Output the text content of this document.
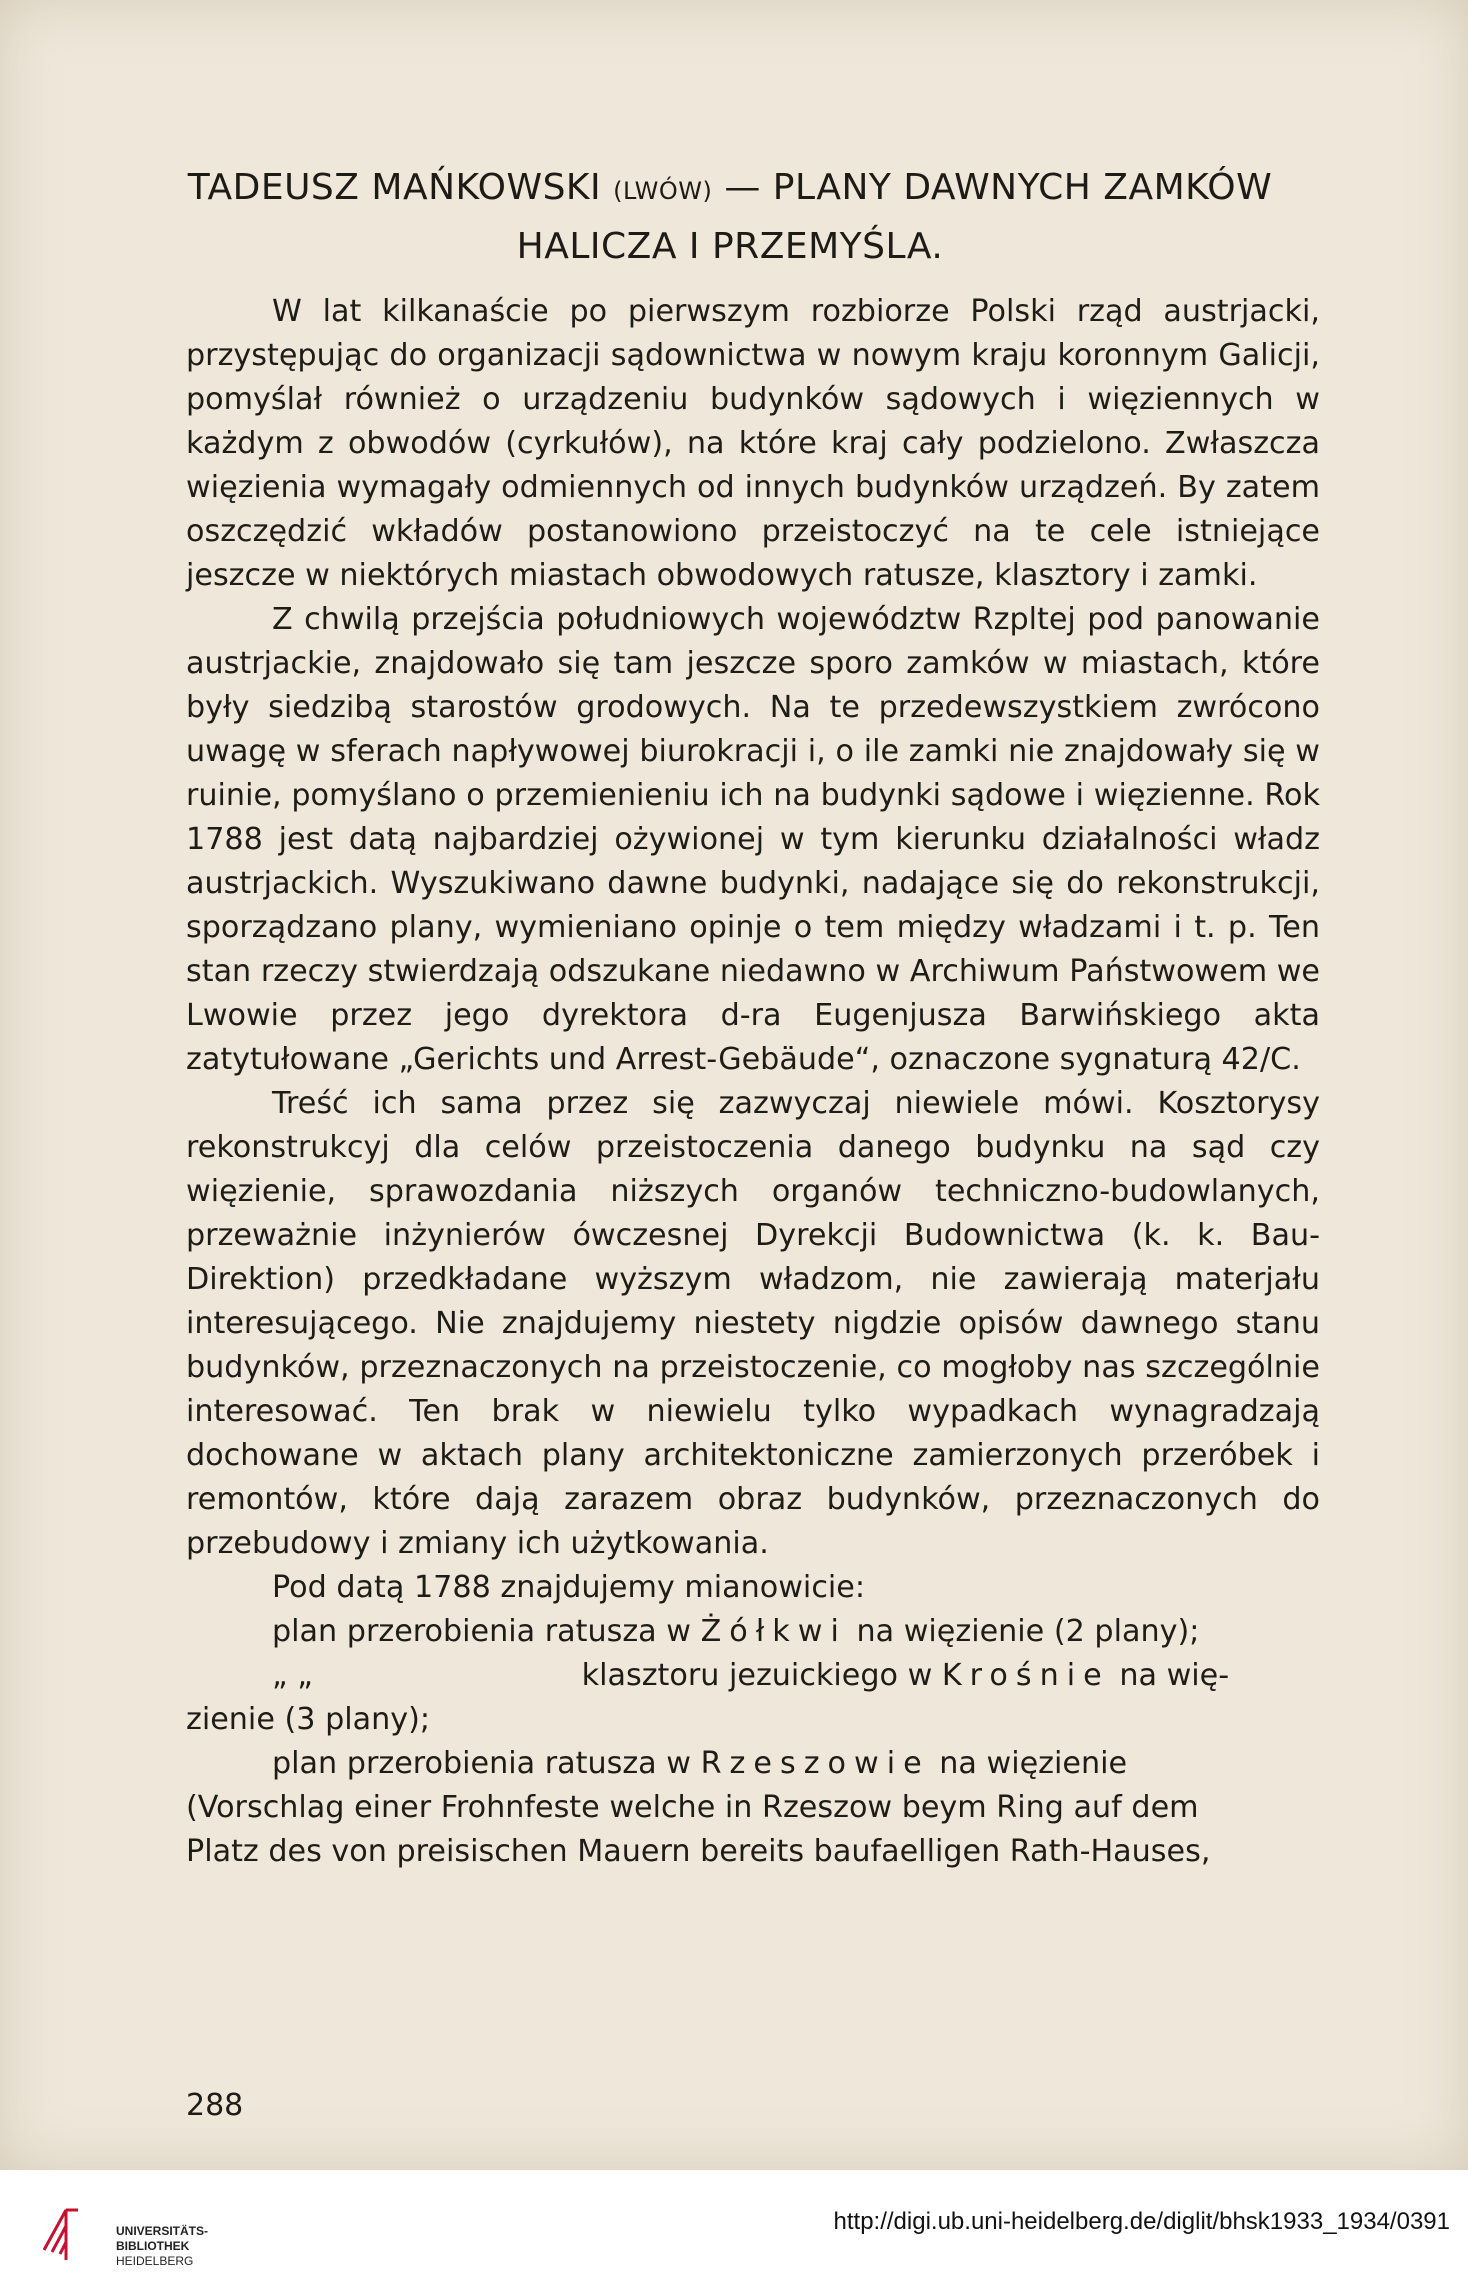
TADEUSZ MAŃKOWSKI (LWÓW) — PLANY DAWNYCH ZAMKÓW
HALICZA I PRZEMYŚLA.

W lat kilkanaście po pierwszym rozbiorze Polski rząd austrjacki, przystępując do organizacji sądownictwa w nowym kraju koronnym Galicji, pomyślał również o urządzeniu budynków sądowych i więziennych w każdym z obwodów (cyrkułów), na które kraj cały podzielono. Zwłaszcza więzienia wymagały odmiennych od innych budynków urządzeń. By zatem oszczędzić wkładów postanowiono przeistoczyć na te cele istniejące jeszcze w niektórych miastach obwodowych ratusze, klasztory i zamki.

Z chwilą przejścia południowych województw Rzpltej pod panowanie austrjackie, znajdowało się tam jeszcze sporo zamków w miastach, które były siedzibą starostów grodowych. Na te przedewszystkiem zwrócono uwagę w sferach napływowej biurokracji i, o ile zamki nie znajdowały się w ruinie, pomyślano o przemienieniu ich na budynki sądowe i więzienne. Rok 1788 jest datą najbardziej ożywionej w tym kierunku działalności władz austrjackich. Wyszukiwano dawne budynki, nadające się do rekonstrukcji, sporządzano plany, wymieniano opinje o tem między władzami i t. p. Ten stan rzeczy stwierdzają odszukane niedawno w Archiwum Państwowem we Lwowie przez jego dyrektora d-ra Eugenjusza Barwińskiego akta zatytułowane „Gerichts und Arrest-Gebäude“, oznaczone sygnaturą 42/C.

Treść ich sama przez się zazwyczaj niewiele mówi. Kosztorysy rekonstrukcyj dla celów przeistoczenia danego budynku na sąd czy więzienie, sprawozdania niższych organów techniczno-budowlanych, przeważnie inżynierów ówczesnej Dyrekcji Budownictwa (k. k. Bau-Direktion) przedkładane wyższym władzom, nie zawierają materjału interesującego. Nie znajdujemy niestety nigdzie opisów dawnego stanu budynków, przeznaczonych na przeistoczenie, co mogłoby nas szczególnie interesować. Ten brak w niewielu tylko wypadkach wynagradzają dochowane w aktach plany architektoniczne zamierzonych przeróbek i remontów, które dają zarazem obraz budynków, przeznaczonych do przebudowy i zmiany ich użytkowania.

Pod datą 1788 znajdujemy mianowicie:

plan przerobienia ratusza w Żółkwi na więzienie (2 plany);

„ „	klasztoru jezuickiego w Krośnie na wię-

zienie (3 plany);

plan przerobienia ratusza w Rzeszowie na więzienie

(Vorschlag einer Frohnfeste welche in Rzeszow beym Ring auf dem

Platz des von preisischen Mauern bereits baufaelligen Rath-Hauses,

288
UNIVERSITÄTS-
BIBLIOTHEK
HEIDELBERG
http://digi.ub.uni-heidelberg.de/diglit/bhsk1933_1934/0391
